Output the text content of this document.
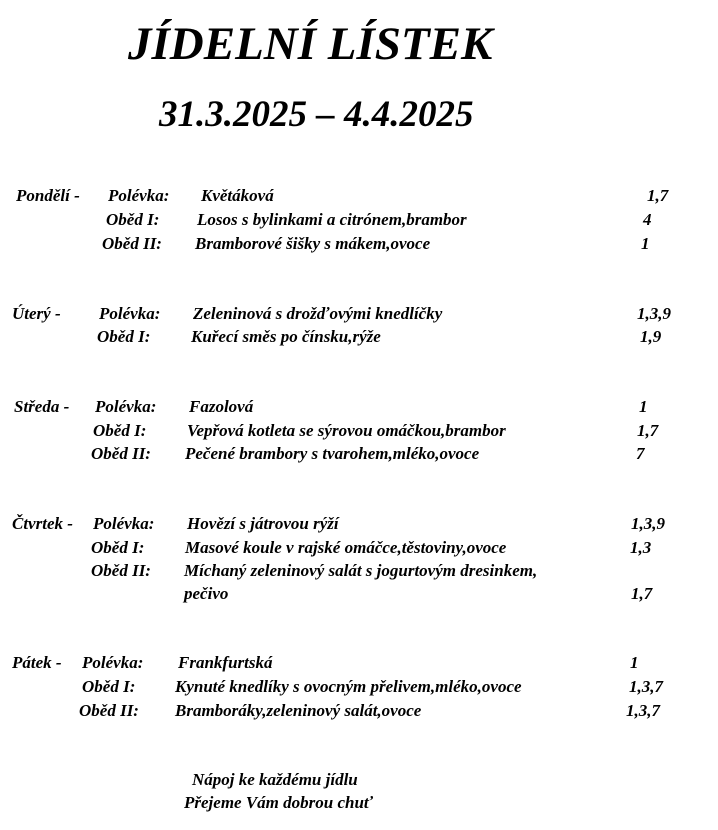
JÍDELNÍ LÍSTEK
31.3.2025 – 4.4.2025
Pondělí - Polévka: Květáková	1,7
Oběd I: Losos s bylinkami a citrónem,brambor	4
Oběd II: Bramborové šišky s mákem,ovoce	1
Úterý - Polévka: Zeleninová s drožďovými knedlíčky	1,3,9
Oběd I: Kuřecí směs po čínsku,rýže	1,9
Středa - Polévka: Fazolová	1
Oběd I: Vepřová kotleta se sýrovou omáčkou,brambor	1,7
Oběd II: Pečené brambory s tvarohem,mléko,ovoce	7
Čtvrtek - Polévka: Hovězí s játrovou rýží	1,3,9
Oběd I: Masové koule v rajské omáčce,těstoviny,ovoce	1,3
Oběd II: Míchaný zeleninový salát s jogurtovým dresinkem,
pečivo	1,7
Pátek - Polévka: Frankfurtská	1
Oběd I: Kynuté knedlíky s ovocným přelivem,mléko,ovoce	1,3,7
Oběd II: Bramboráky,zeleninový salát,ovoce	1,3,7
Nápoj ke každému jídlu
Přejeme Vám dobrou chuť
